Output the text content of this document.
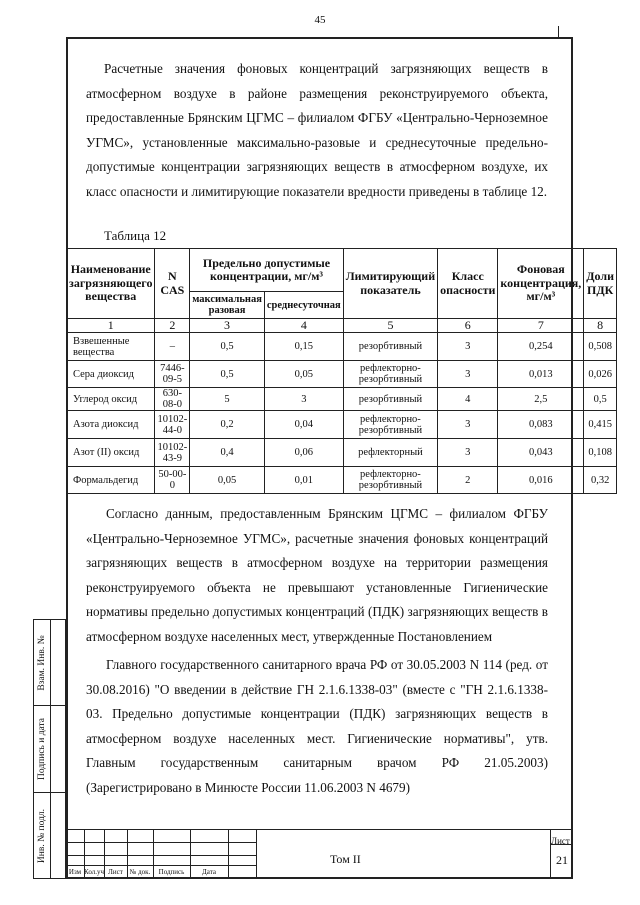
45

Расчетные значения фоновых концентраций загрязняющих веществ в атмосферном воздухе в районе размещения реконструируемого объекта, предоставленные Брянским ЦГМС – филиалом ФГБУ «Центрально-Черноземное УГМС», установленные максимально-разовые и среднесуточные предельно-допустимые концентрации загрязняющих веществ в атмосферном воздухе, их класс опасности и лимитирующие показатели вредности приведены в таблице 12.

Таблица 12
Наименование загрязняющего вещества	N CAS	Предельно допустимые концентрации, мг/м³		Лимитирующий показатель	Класс опасности	Фоновая концентрация, мг/м³	Доли ПДК
		максимальная разовая	среднесуточная				
1	2	3	4	5	6	7	8
Взвешенные вещества	–	0,5	0,15	резорбтивный	3	0,254	0,508
Сера диоксид	7446-09-5	0,5	0,05	рефлекторно-резорбтивный	3	0,013	0,026
Углерод оксид	630-08-0	5	3	резорбтивный	4	2,5	0,5
Азота диоксид	10102-44-0	0,2	0,04	рефлекторно-резорбтивный	3	0,083	0,415
Азот (II) оксид	10102-43-9	0,4	0,06	рефлекторный	3	0,043	0,108
Формальдегид	50-00-0	0,05	0,01	рефлекторно-резорбтивный	2	0,016	0,32

Согласно данным, предоставленным Брянским ЦГМС – филиалом ФГБУ «Центрально-Черноземное УГМС», расчетные значения фоновых концентраций загрязняющих веществ в атмосферном воздухе на территории размещения реконструируемого объекта не превышают установленные Гигиенические нормативы предельно допустимых концентраций (ПДК) загрязняющих веществ в атмосферном воздухе населенных мест, утвержденные Постановлением

Главного государственного санитарного врача РФ от 30.05.2003 N 114 (ред. от 30.08.2016) "О введении в действие ГН 2.1.6.1338-03" (вместе с "ГН 2.1.6.1338-03. Предельно допустимые концентрации (ПДК) загрязняющих веществ в атмосферном воздухе населенных мест. Гигиенические нормативы", утв. Главным государственным санитарным врачом РФ 21.05.2003) (Зарегистрировано в Минюсте России 11.06.2003 N 4679)

Взам. Инв. №
Подпись и дата
Инв. № подл.
Изм Кол.уч Лист № док.	Подпись	Дата
Том II
Лист
21
